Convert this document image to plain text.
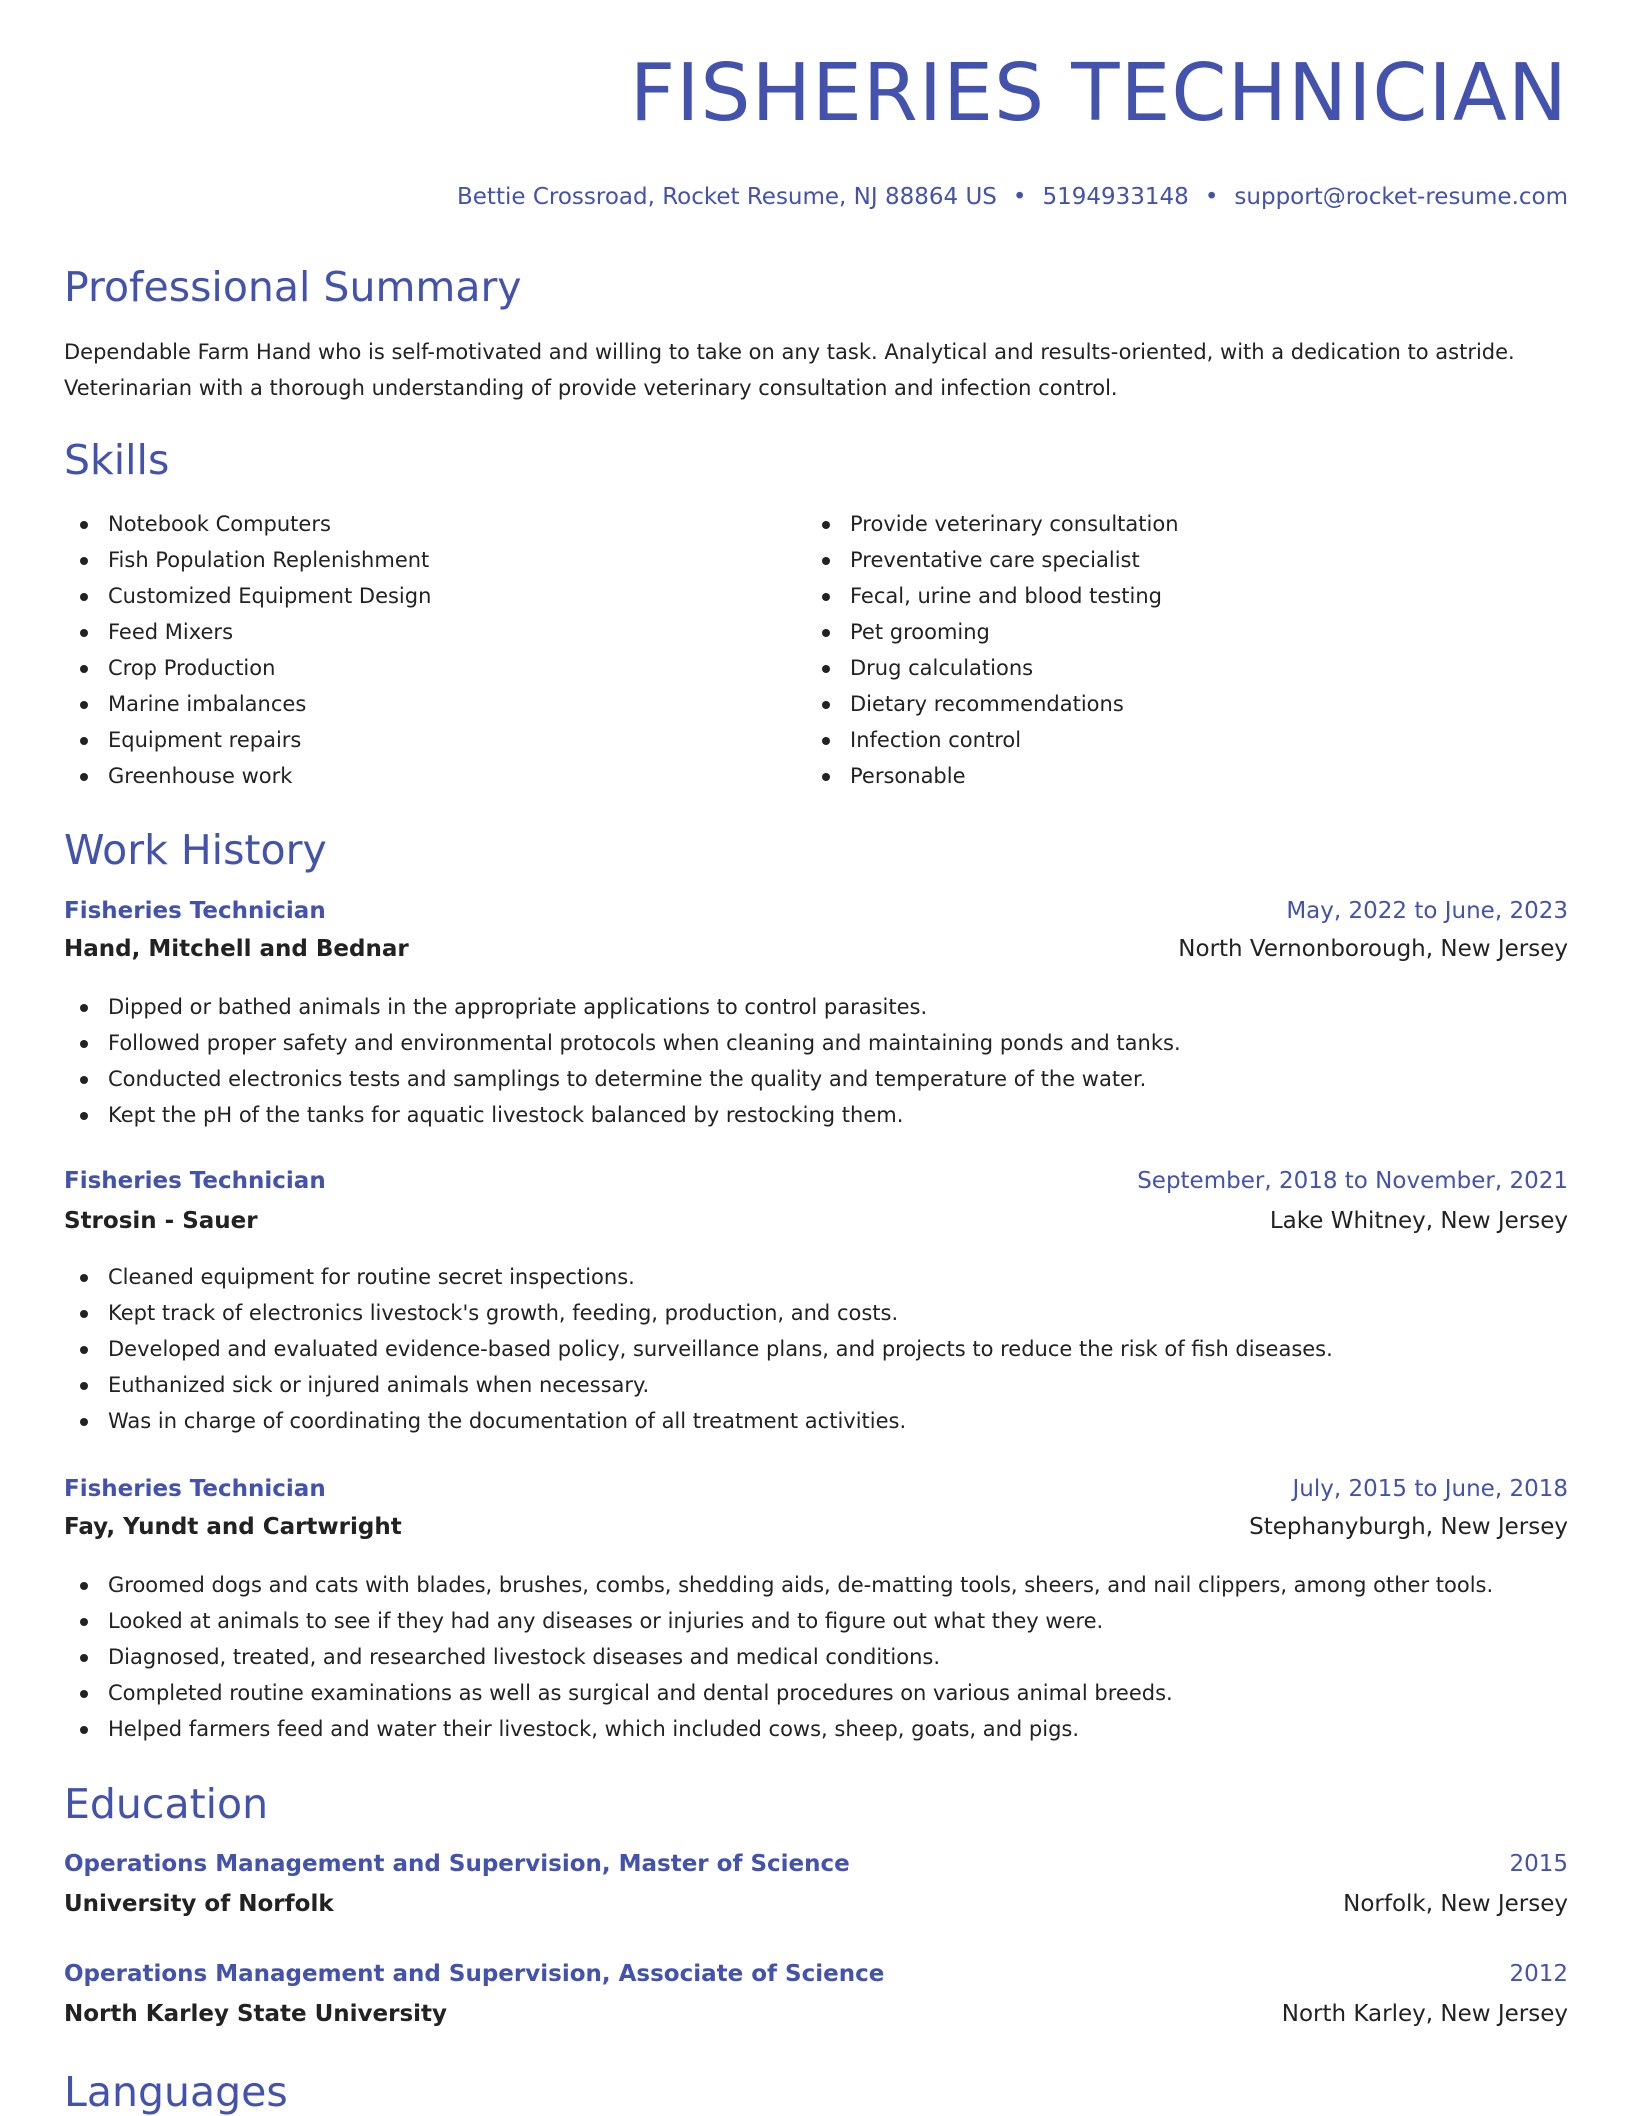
FISHERIES TECHNICIAN
Bettie Crossroad, Rocket Resume, NJ 88864 US • 5194933148 • support@rocket-resume.com
Professional Summary

Dependable Farm Hand who is self-motivated and willing to take on any task. Analytical and results-oriented, with a dedication to astride. Veterinarian with a thorough understanding of provide veterinary consultation and infection control.

Skills
Notebook Computers
Fish Population Replenishment
Customized Equipment Design
Feed Mixers
Crop Production
Marine imbalances
Equipment repairs
Greenhouse work
Provide veterinary consultation
Preventative care specialist
Fecal, urine and blood testing
Pet grooming
Drug calculations
Dietary recommendations
Infection control
Personable
Work History
Fisheries Technician	May, 2022 to June, 2023
Hand, Mitchell and Bednar	North Vernonborough, New Jersey
Dipped or bathed animals in the appropriate applications to control parasites.
Followed proper safety and environmental protocols when cleaning and maintaining ponds and tanks.
Conducted electronics tests and samplings to determine the quality and temperature of the water.
Kept the pH of the tanks for aquatic livestock balanced by restocking them.
Fisheries Technician	September, 2018 to November, 2021
Strosin - Sauer	Lake Whitney, New Jersey
Cleaned equipment for routine secret inspections.
Kept track of electronics livestock's growth, feeding, production, and costs.
Developed and evaluated evidence-based policy, surveillance plans, and projects to reduce the risk of fish diseases.
Euthanized sick or injured animals when necessary.
Was in charge of coordinating the documentation of all treatment activities.
Fisheries Technician	July, 2015 to June, 2018
Fay, Yundt and Cartwright	Stephanyburgh, New Jersey
Groomed dogs and cats with blades, brushes, combs, shedding aids, de-matting tools, sheers, and nail clippers, among other tools.
Looked at animals to see if they had any diseases or injuries and to figure out what they were.
Diagnosed, treated, and researched livestock diseases and medical conditions.
Completed routine examinations as well as surgical and dental procedures on various animal breeds.
Helped farmers feed and water their livestock, which included cows, sheep, goats, and pigs.
Education
Operations Management and Supervision, Master of Science	2015
University of Norfolk	Norfolk, New Jersey
Operations Management and Supervision, Associate of Science	2012
North Karley State University	North Karley, New Jersey
Languages
